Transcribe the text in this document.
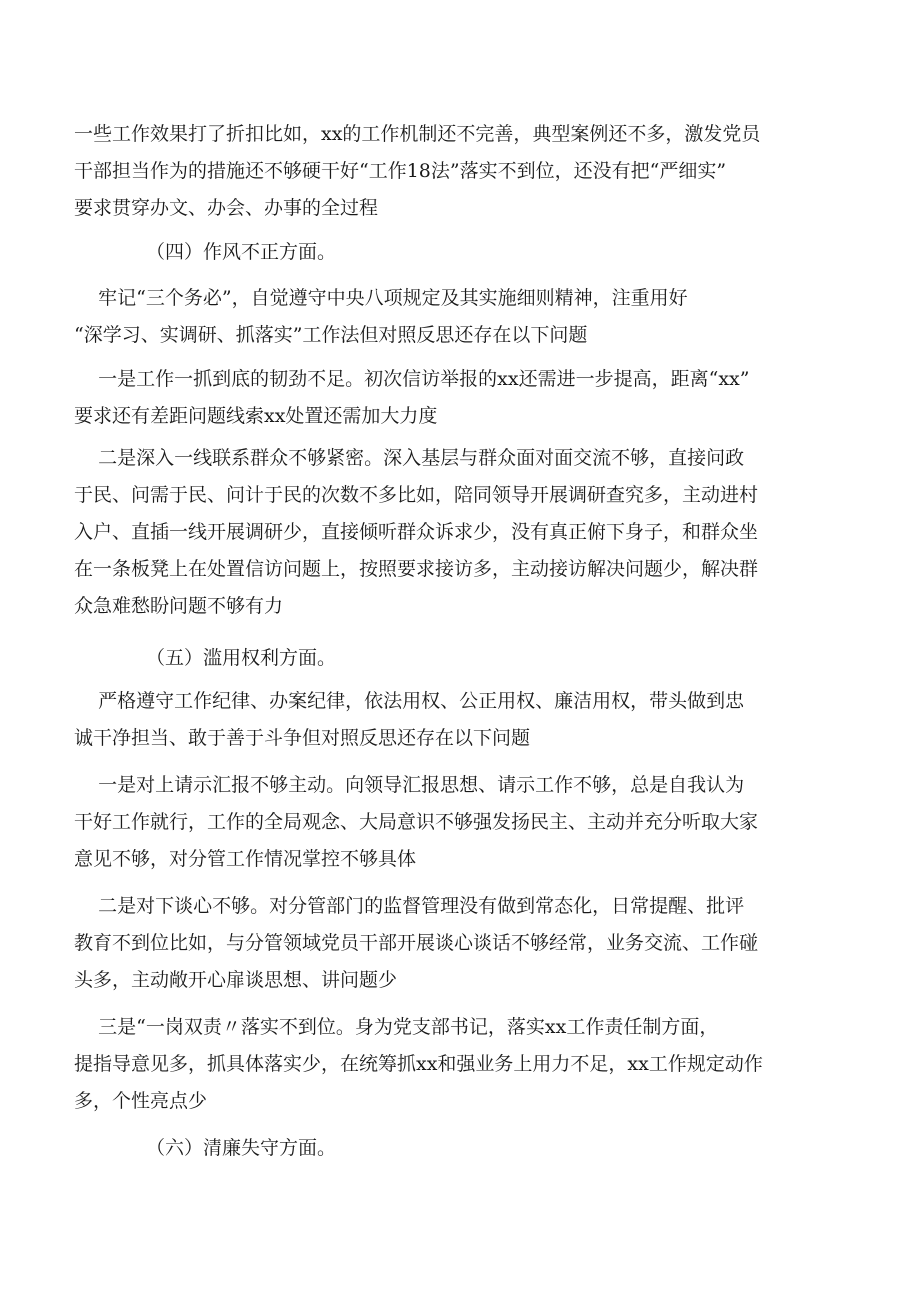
一些工作效果打了折扣比如，xx的工作机制还不完善，典型案例还不多，激发党员
干部担当作为的措施还不够硬干好“工作18法”落实不到位，还没有把“严细实”
要求贯穿办文、办会、办事的全过程

（四）作风不正方面。

牢记“三个务必”，自觉遵守中央八项规定及其实施细则精神，注重用好
“深学习、实调研、抓落实”工作法但对照反思还存在以下问题

一是工作一抓到底的韧劲不足。初次信访举报的xx还需进一步提高，距离“xx”
要求还有差距问题线索xx处置还需加大力度

二是深入一线联系群众不够紧密。深入基层与群众面对面交流不够，直接问政
于民、问需于民、问计于民的次数不多比如，陪同领导开展调研查究多，主动进村
入户、直插一线开展调研少，直接倾听群众诉求少，没有真正俯下身子，和群众坐
在一条板凳上在处置信访问题上，按照要求接访多，主动接访解决问题少，解决群
众急难愁盼问题不够有力

（五）滥用权利方面。

严格遵守工作纪律、办案纪律，依法用权、公正用权、廉洁用权，带头做到忠
诚干净担当、敢于善于斗争但对照反思还存在以下问题

一是对上请示汇报不够主动。向领导汇报思想、请示工作不够，总是自我认为
干好工作就行，工作的全局观念、大局意识不够强发扬民主、主动并充分听取大家
意见不够，对分管工作情况掌控不够具体

二是对下谈心不够。对分管部门的监督管理没有做到常态化，日常提醒、批评
教育不到位比如，与分管领域党员干部开展谈心谈话不够经常，业务交流、工作碰
头多，主动敞开心扉谈思想、讲问题少

三是“一岗双责〃落实不到位。身为党支部书记，落实xx工作责任制方面，
提指导意见多，抓具体落实少，在统筹抓xx和强业务上用力不足，xx工作规定动作
多，个性亮点少

（六）清廉失守方面。
